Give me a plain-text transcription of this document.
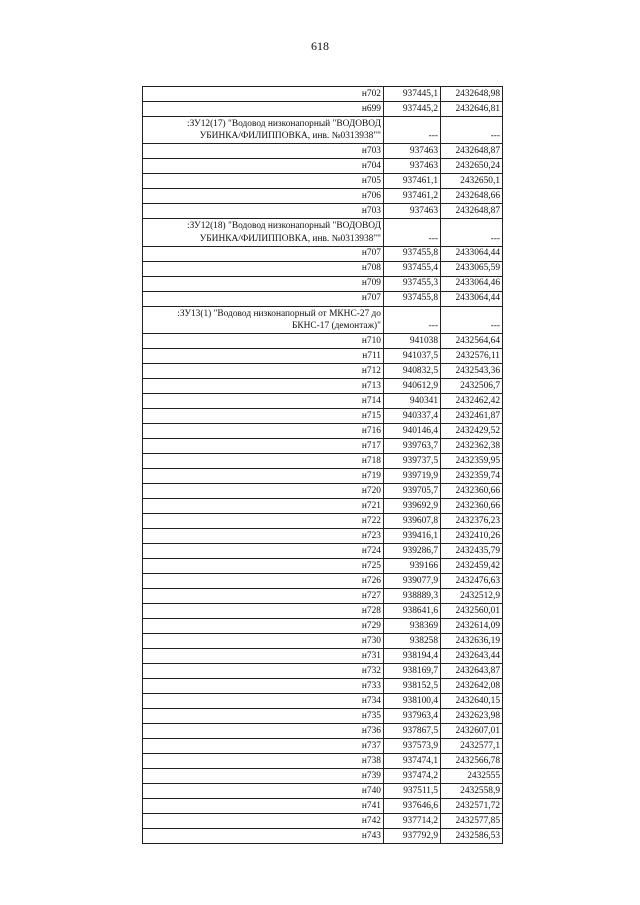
618
н702	937445,1	2432648,98
н699	937445,2	2432646,81
:ЗУ12(17) "Водовод низконапорный "ВОДОВОД УБИНКА/ФИЛИППОВКА, инв. №0313938""	---	---
н703	937463	2432648,87
н704	937463	2432650,24
н705	937461,1	2432650,1
н706	937461,2	2432648,66
н703	937463	2432648,87
:ЗУ12(18) "Водовод низконапорный "ВОДОВОД УБИНКА/ФИЛИППОВКА, инв. №0313938""	---	---
н707	937455,8	2433064,44
н708	937455,4	2433065,59
н709	937455,3	2433064,46
н707	937455,8	2433064,44
:ЗУ13(1) "Водовод низконапорный от МКНС-27 до БКНС-17 (демонтаж)"	---	---
н710	941038	2432564,64
н711	941037,5	2432576,11
н712	940832,5	2432543,36
н713	940612,9	2432506,7
н714	940341	2432462,42
н715	940337,4	2432461,87
н716	940146,4	2432429,52
н717	939763,7	2432362,38
н718	939737,5	2432359,95
н719	939719,9	2432359,74
н720	939705,7	2432360,66
н721	939692,9	2432360,66
н722	939607,8	2432376,23
н723	939416,1	2432410,26
н724	939286,7	2432435,79
н725	939166	2432459,42
н726	939077,9	2432476,63
н727	938889,3	2432512,9
н728	938641,6	2432560,01
н729	938369	2432614,09
н730	938258	2432636,19
н731	938194,4	2432643,44
н732	938169,7	2432643,87
н733	938152,5	2432642,08
н734	938100,4	2432640,15
н735	937963,4	2432623,98
н736	937867,5	2432607,01
н737	937573,9	2432577,1
н738	937474,1	2432566,78
н739	937474,2	2432555
н740	937511,5	2432558,9
н741	937646,6	2432571,72
н742	937714,2	2432577,85
н743	937792,9	2432586,53
